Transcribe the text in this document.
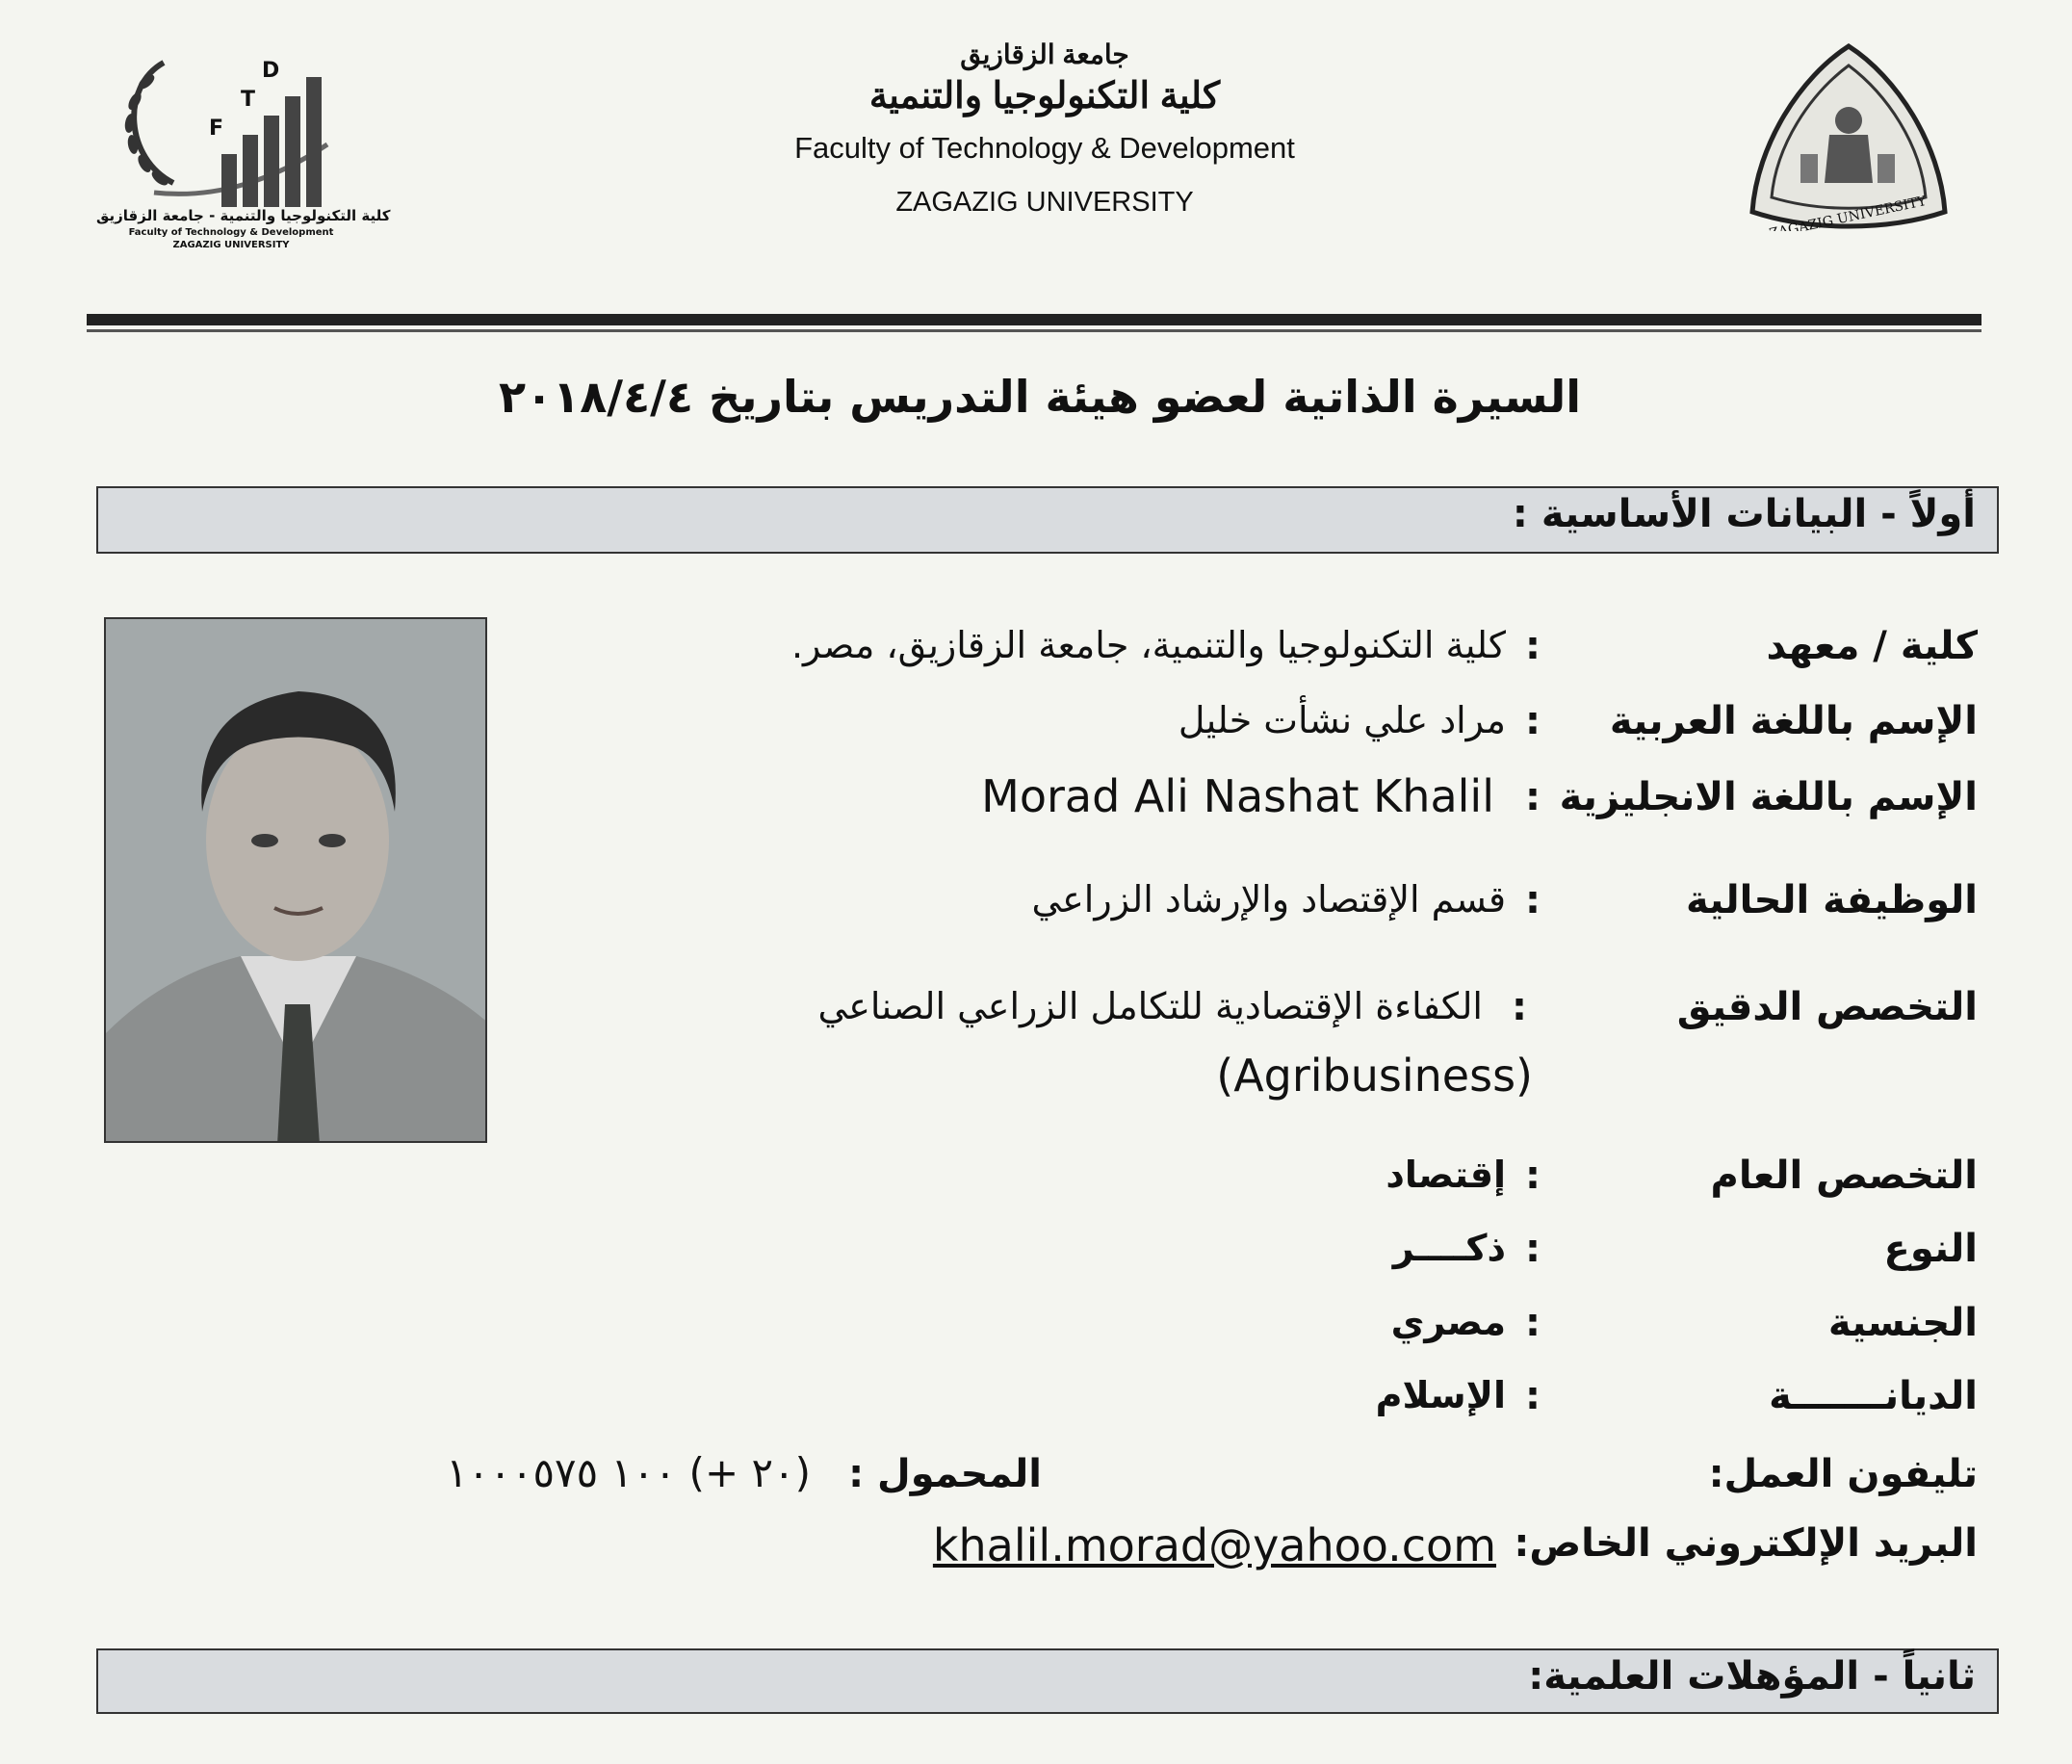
F
T
D
كلية التكنولوجيا والتنمية - جامعة الزقازيق
Faculty of Technology & Development
ZAGAZIG UNIVERSITY
جامعة الزقازيق
كلية التكنولوجيا والتنمية
Faculty of Technology & Development
ZAGAZIG UNIVERSITY	ZAGAZIG UNIVERSITY
السيرة الذاتية لعضو هيئة التدريس بتاريخ ٢٠١٨/٤/٤
أولاً - البيانات الأساسية :
كلية / معهد
:
كلية التكنولوجيا والتنمية، جامعة الزقازيق، مصر.
الإسم باللغة العربية
:
مراد علي نشأت خليل
الإسم باللغة الانجليزية
:
Morad Ali Nashat Khalil
الوظيفة الحالية
:
قسم الإقتصاد والإرشاد الزراعي
التخصص الدقيق
:
الكفاءة الإقتصادية للتكامل الزراعي الصناعي
(Agribusiness)
التخصص العام
:
إقتصاد
النوع
:
ذكــــر
الجنسية
:
مصري
الديانـــــــة
:
الإسلام
تليفون العمل:
المحمول :
(٢٠ +) ١٠٠ ١٠٠٠٥٧٥
البريد الإلكتروني الخاص:
khalil.morad@yahoo.com
ثانياً - المؤهلات العلمية:
